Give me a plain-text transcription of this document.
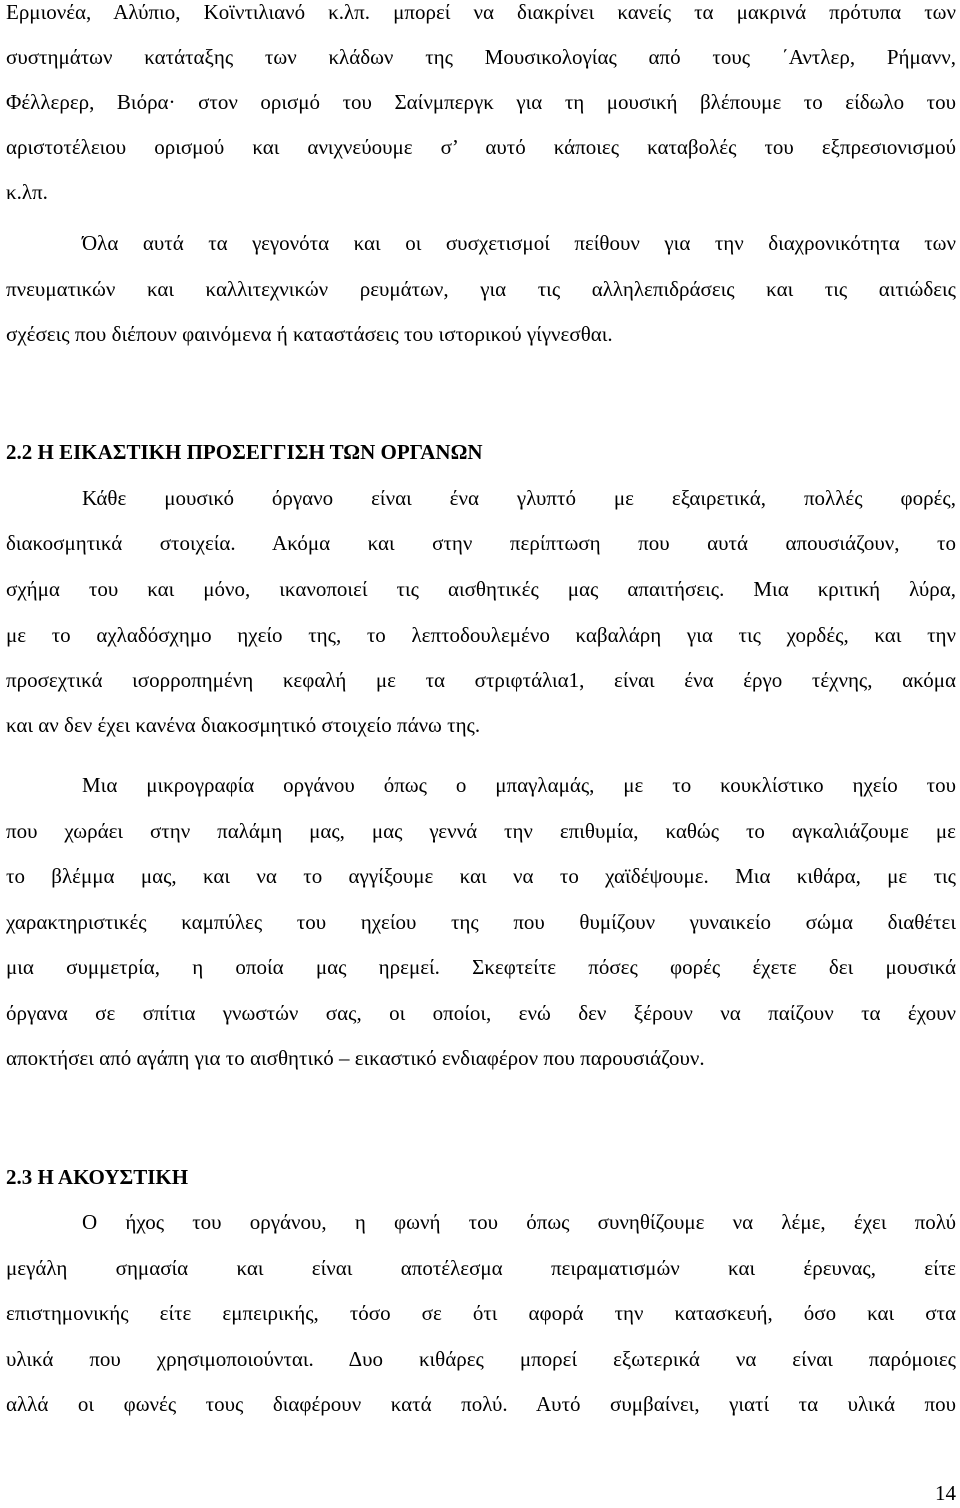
Ερμιονέα, Αλύπιο, Κοϊντιλιανό κ.λπ. μπορεί να διακρίνει κανείς τα μακρινά πρότυπα των
συστημάτων κατάταξης των κλάδων της Μουσικολογίας από τους ΄Αντλερ, Ρήμανν,
Φέλλερερ, Βιόρα· στον ορισμό του Σαίνμπεργκ για τη μουσική βλέπουμε το είδωλο του
αριστοτέλειου ορισμού και ανιχνεύουμε σ’ αυτό κάποιες καταβολές του εξπρεσιονισμού
κ.λπ.
Όλα αυτά τα γεγονότα και οι συσχετισμοί πείθουν για την διαχρονικότητα των
πνευματικών και καλλιτεχνικών ρευμάτων, για τις αλληλεπιδράσεις και τις αιτιώδεις
σχέσεις που διέπουν φαινόμενα ή καταστάσεις του ιστορικού γίγνεσθαι.
2.2 Η ΕΙΚΑΣΤΙΚΗ ΠΡΟΣΕΓΓΙΣΗ ΤΩΝ ΟΡΓΑΝΩΝ
Κάθε μουσικό όργανο είναι ένα γλυπτό με εξαιρετικά, πολλές φορές,
διακοσμητικά στοιχεία. Ακόμα και στην περίπτωση που αυτά απουσιάζουν, το
σχήμα του και μόνο, ικανοποιεί τις αισθητικές μας απαιτήσεις. Μια κριτική λύρα,
με το αχλαδόσχημο ηχείο της, το λεπτοδουλεμένο καβαλάρη για τις χορδές, και την
προσεχτικά ισορροπημένη κεφαλή με τα στριφτάλια1, είναι ένα έργο τέχνης, ακόμα
και αν δεν έχει κανένα διακοσμητικό στοιχείο πάνω της.
Μια μικρογραφία οργάνου όπως ο μπαγλαμάς, με το κουκλίστικο ηχείο του
που χωράει στην παλάμη μας, μας γεννά την επιθυμία, καθώς το αγκαλιάζουμε με
το βλέμμα μας, και να το αγγίξουμε και να το χαϊδέψουμε. Μια κιθάρα, με τις
χαρακτηριστικές καμπύλες του ηχείου της που θυμίζουν γυναικείο σώμα διαθέτει
μια συμμετρία, η οποία μας ηρεμεί. Σκεφτείτε πόσες φορές έχετε δει μουσικά
όργανα σε σπίτια γνωστών σας, οι οποίοι, ενώ δεν ξέρουν να παίζουν τα έχουν
αποκτήσει από αγάπη για το αισθητικό – εικαστικό ενδιαφέρον που παρουσιάζουν.
2.3 Η ΑΚΟΥΣΤΙΚΗ
Ο ήχος του οργάνου, η φωνή του όπως συνηθίζουμε να λέμε, έχει πολύ
μεγάλη σημασία και είναι αποτέλεσμα πειραματισμών και έρευνας, είτε
επιστημονικής είτε εμπειρικής, τόσο σε ότι αφορά την κατασκευή, όσο και στα
υλικά που χρησιμοποιούνται. Δυο κιθάρες μπορεί εξωτερικά να είναι παρόμοιες
αλλά οι φωνές τους διαφέρουν κατά πολύ. Αυτό συμβαίνει, γιατί τα υλικά που
14
